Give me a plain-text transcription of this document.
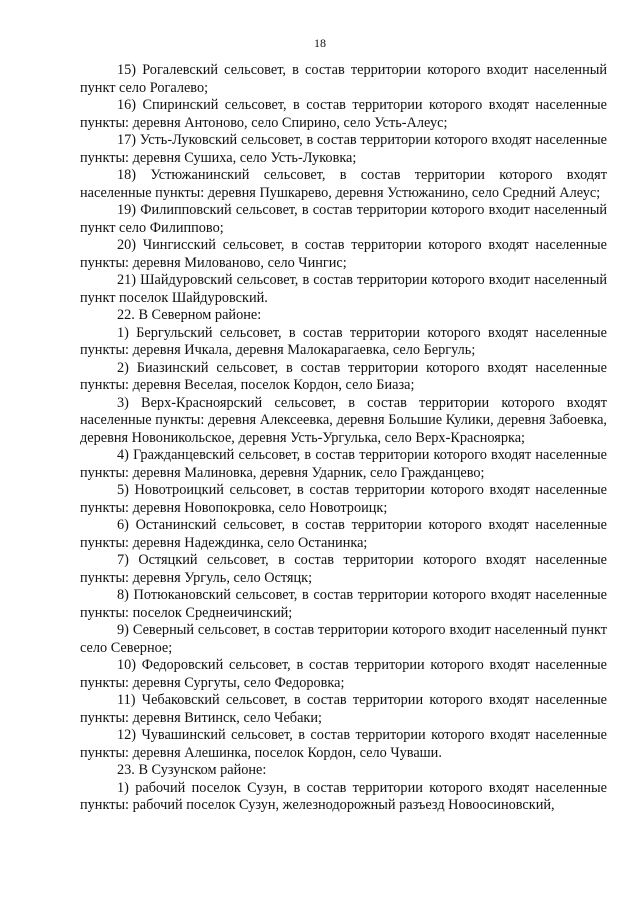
18

15) Рогалевский сельсовет, в состав территории которого входит населенный пункт село Рогалево;

16) Спиринский сельсовет, в состав территории которого входят населенные пункты: деревня Антоново, село Спирино, село Усть-Алеус;

17) Усть-Луковский сельсовет, в состав территории которого входят населенные пункты: деревня Сушиха, село Усть-Луковка;

18) Устюжанинский сельсовет, в состав территории которого входят населенные пункты: деревня Пушкарево, деревня Устюжанино, село Средний Алеус;

19) Филипповский сельсовет, в состав территории которого входит населенный пункт село Филиппово;

20) Чингисский сельсовет, в состав территории которого входят населенные пункты: деревня Милованово, село Чингис;

21) Шайдуровский сельсовет, в состав территории которого входит населенный пункт поселок Шайдуровский.

22. В Северном районе:

1) Бергульский сельсовет, в состав территории которого входят населенные пункты: деревня Ичкала, деревня Малокарагаевка, село Бергуль;

2) Биазинский сельсовет, в состав территории которого входят населенные пункты: деревня Веселая, поселок Кордон, село Биаза;

3) Верх-Красноярский сельсовет, в состав территории которого входят населенные пункты: деревня Алексеевка, деревня Большие Кулики, деревня Забоевка, деревня Новоникольское, деревня Усть-Ургулька, село Верх-Красноярка;

4) Гражданцевский сельсовет, в состав территории которого входят населенные пункты: деревня Малиновка, деревня Ударник, село Гражданцево;

5) Новотроицкий сельсовет, в состав территории которого входят населенные пункты: деревня Новопокровка, село Новотроицк;

6) Останинский сельсовет, в состав территории которого входят населенные пункты: деревня Надеждинка, село Останинка;

7) Остяцкий сельсовет, в состав территории которого входят населенные пункты: деревня Ургуль, село Остяцк;

8) Потюкановский сельсовет, в состав территории которого входят населенные пункты: поселок Среднеичинский;

9) Северный сельсовет, в состав территории которого входит населенный пункт село Северное;

10) Федоровский сельсовет, в состав территории которого входят населенные пункты: деревня Сургуты, село Федоровка;

11) Чебаковский сельсовет, в состав территории которого входят населенные пункты: деревня Витинск, село Чебаки;

12) Чувашинский сельсовет, в состав территории которого входят населенные пункты: деревня Алешинка, поселок Кордон, село Чуваши.

23. В Сузунском районе:

1) рабочий поселок Сузун, в состав территории которого входят населенные пункты: рабочий поселок Сузун, железнодорожный разъезд Новоосиновский,
